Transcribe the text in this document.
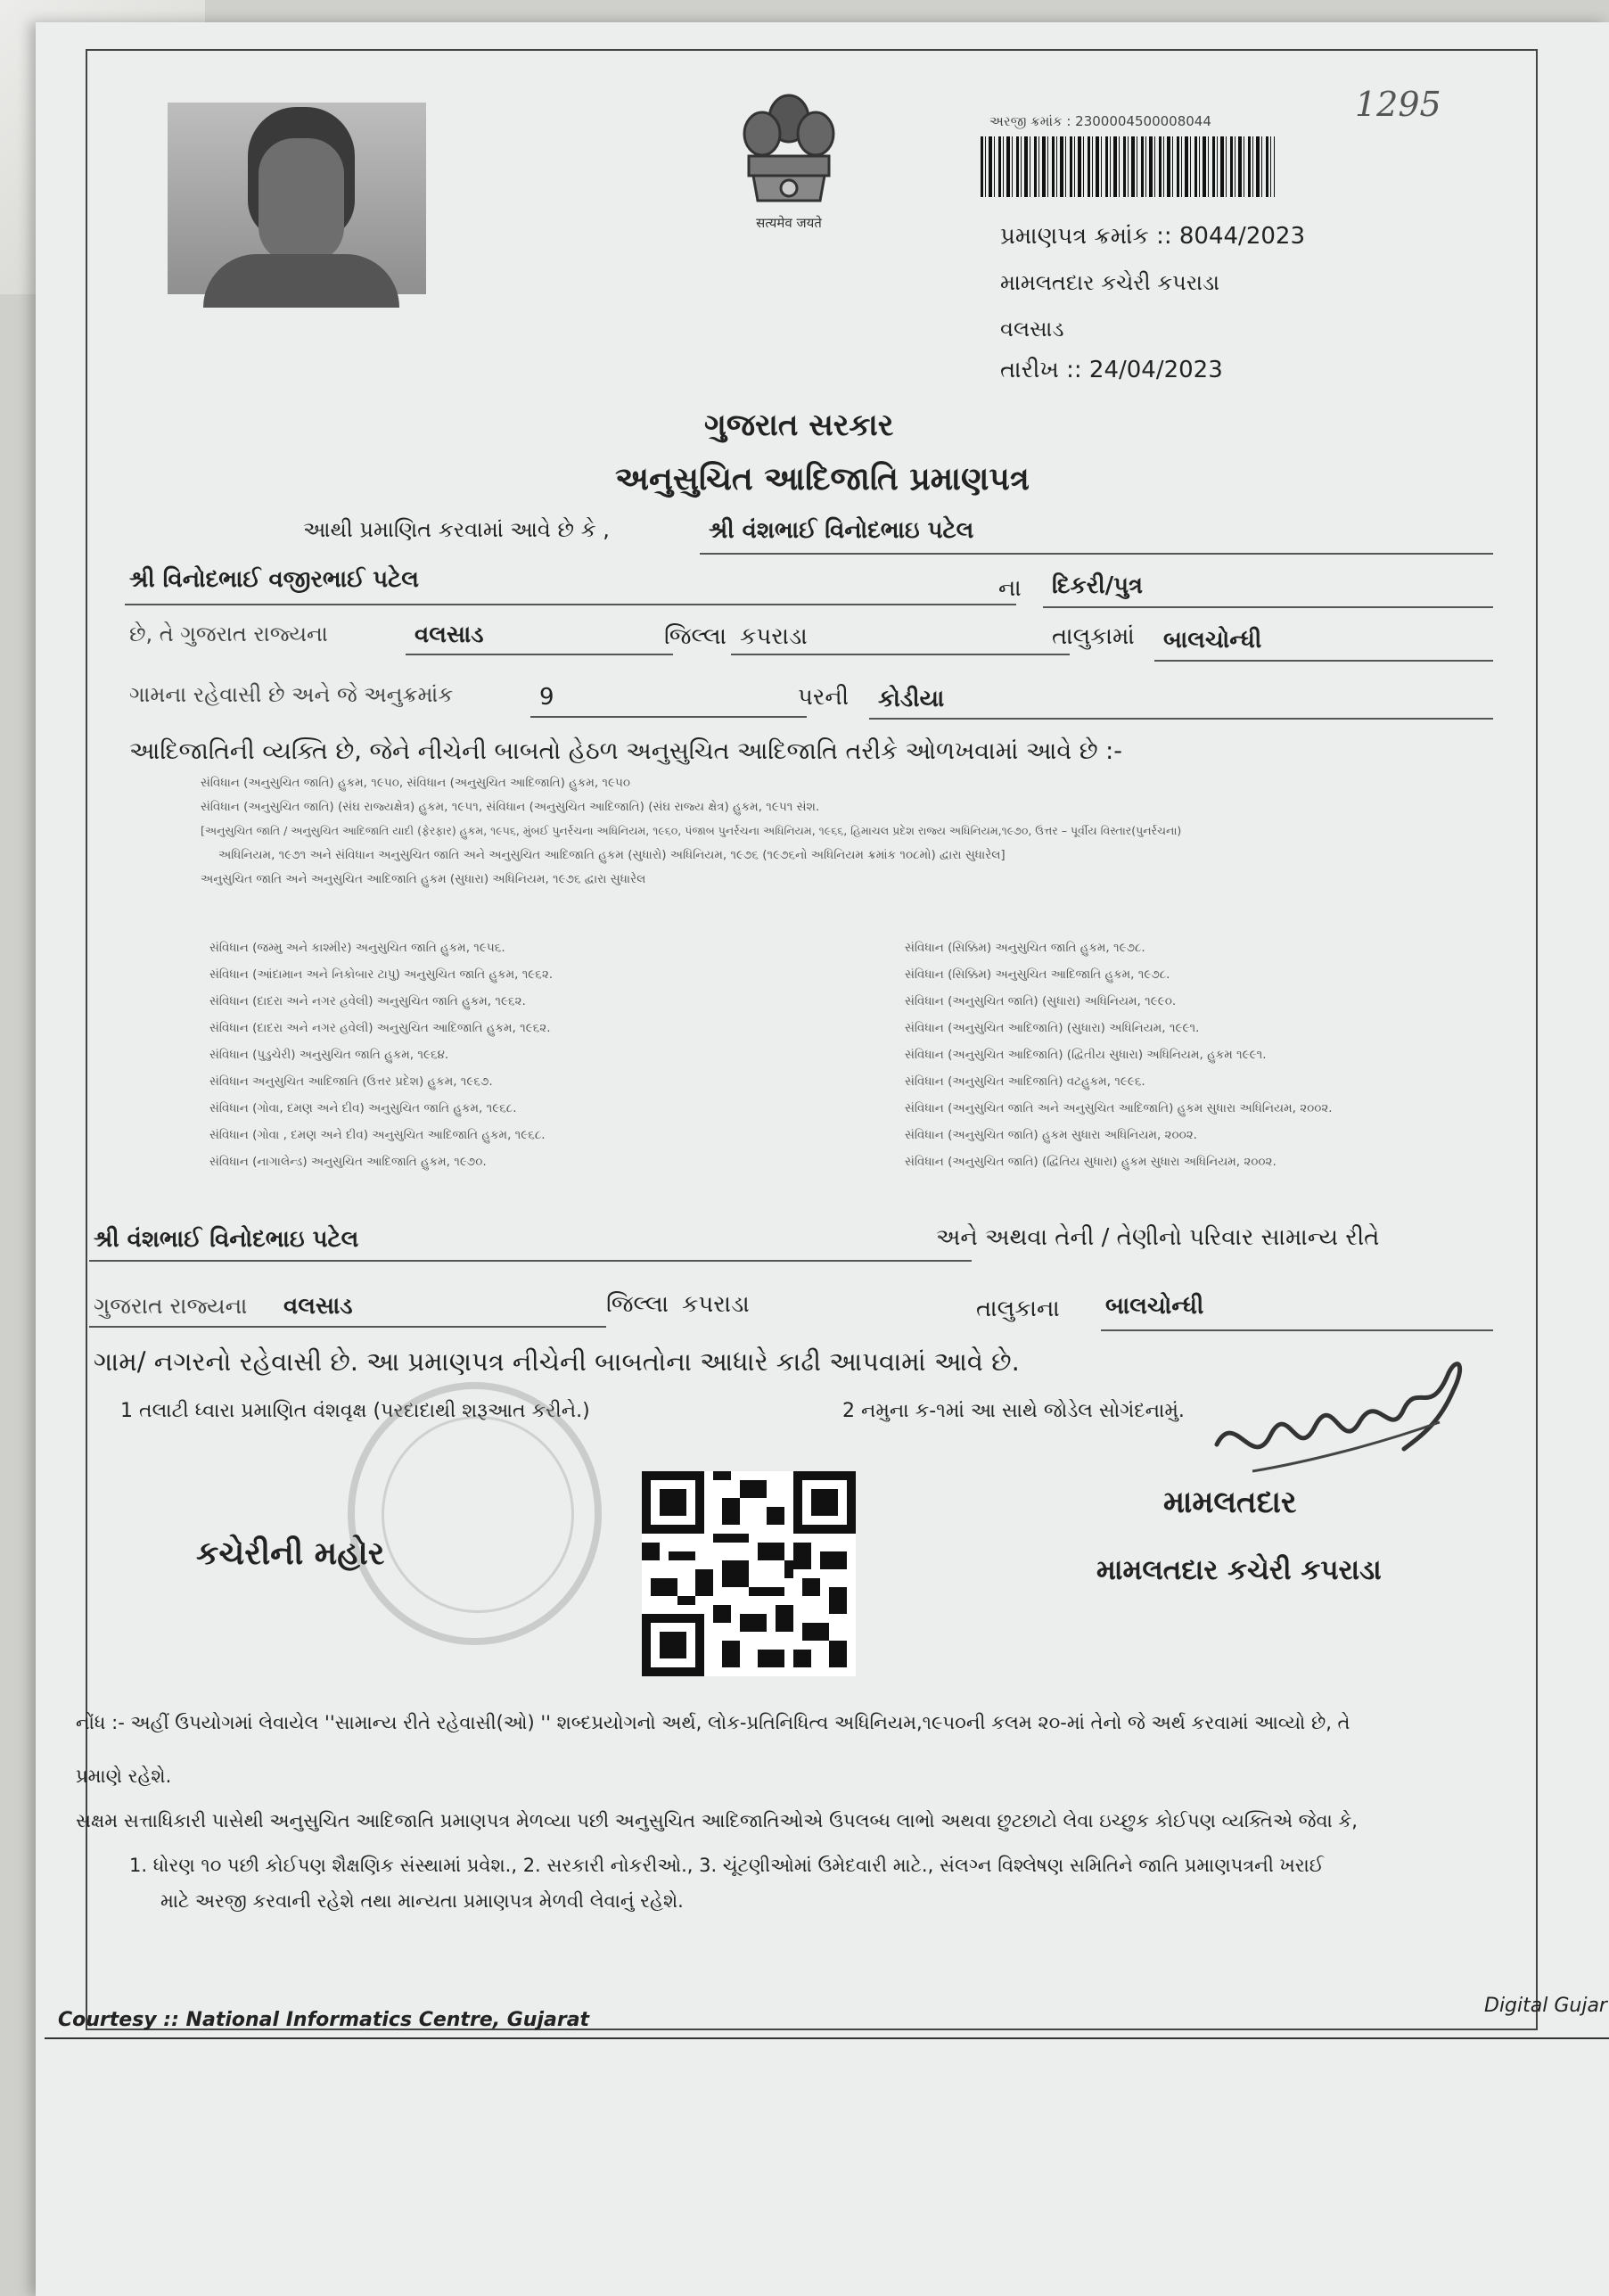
सत्यमेव जयते
અરજી ક્રમાંક : 2300004500008044	1295
પ્રમાણપત્ર ક્રમાંક :: 8044/2023
મામલતદાર કચેરી કપરાડા
વલસાડ
તારીખ :: 24/04/2023
ગુજરાત સરકાર
અનુસુચિત આદિજાતિ પ્રમાણપત્ર
આથી પ્રમાણિત કરવામાં આવે છે કે ,	શ્રી વંશભાઈ વિનોદભાઇ પટેલ
શ્રી વિનોદભાઈ વજીરભાઈ પટેલ	ના દિકરી/પુત્ર
છે, તે ગુજરાત રાજ્યના	વલસાડ	જિલ્લા કપરાડા	તાલુકામાં બાલચોન્ધી
ગામના રહેવાસી છે અને જે અનુક્રમાંક	9	પરની કોડીયા
આદિજાતિની વ્યક્તિ છે, જેને નીચેની બાબતો હેઠળ અનુસુચિત આદિજાતિ તરીકે ઓળખવામાં આવે છે :-
સંવિધાન (અનુસુચિત જાતિ) હુકમ, ૧૯૫૦, સંવિધાન (અનુસુચિત આદિજાતિ) હુકમ, ૧૯૫૦
સંવિધાન (અનુસુચિત જાતિ) (સંઘ રાજ્યક્ષેત્ર) હુકમ, ૧૯૫૧, સંવિધાન (અનુસુચિત આદિજાતિ) (સંઘ રાજ્ય ક્ષેત્ર) હુકમ, ૧૯૫૧ સંશ.
[અનુસુચિત જાતિ / અનુસુચિત આદિજાતિ યાદી (ફેરફાર) હુકમ, ૧૯૫૬, મુંબઈ પુનર્રચના અધિનિયમ, ૧૯૬૦, પંજાબ પુનર્રચના અધિનિયમ, ૧૯૬૬, હિમાચલ પ્રદેશ રાજ્ય અધિનિયમ,૧૯૭૦, ઉત્તર – પૂર્વીય વિસ્તાર(પુનર્રચના)
અધિનિયમ, ૧૯૭૧ અને સંવિધાન અનુસુચિત જાતિ અને અનુસુચિત આદિજાતિ હુકમ (સુધારો) અધિનિયમ, ૧૯૭૬ (૧૯૭૬નો અધિનિયમ ક્રમાંક ૧૦૮મો) દ્વારા સુધારેલ]
અનુસુચિત જાતિ અને અનુસુચિત આદિજાતિ હુકમ (સુધારા) અધિનિયમ, ૧૯૭૬ દ્વારા સુધારેલ
સંવિધાન (જમ્મુ અને કાશ્મીર) અનુસુચિત જાતિ હુકમ, ૧૯૫૬.
સંવિધાન (આંદામાન અને નિકોબાર ટાપુ) અનુસુચિત જાતિ હુકમ, ૧૯૬૨.
સંવિધાન (દાદરા અને નગર હવેલી) અનુસુચિત જાતિ હુકમ, ૧૯૬૨.
સંવિધાન (દાદરા અને નગર હવેલી) અનુસુચિત આદિજાતિ હુકમ, ૧૯૬૨.
સંવિધાન (પુડુચેરી) અનુસુચિત જાતિ હુકમ, ૧૯૬૪.
સંવિધાન અનુસુચિત આદિજાતિ (ઉત્તર પ્રદેશ) હુકમ, ૧૯૬૭.
સંવિધાન (ગોવા, દમણ અને દીવ) અનુસુચિત જાતિ હુકમ, ૧૯૬૮.
સંવિધાન (ગોવા , દમણ અને દીવ) અનુસુચિત આદિજાતિ હુકમ, ૧૯૬૮.
સંવિધાન (નાગાલેન્ડ) અનુસુચિત આદિજાતિ હુકમ, ૧૯૭૦.
સંવિધાન (સિક્કિમ) અનુસુચિત જાતિ હુકમ, ૧૯૭૮.
સંવિધાન (સિક્કિમ) અનુસુચિત આદિજાતિ હુકમ, ૧૯૭૮.
સંવિધાન (અનુસુચિત જાતિ) (સુધારા) અધિનિયમ, ૧૯૯૦.
સંવિધાન (અનુસુચિત આદિજાતિ) (સુધારા) અધિનિયમ, ૧૯૯૧.
સંવિધાન (અનુસુચિત આદિજાતિ) (દ્વિતીય સુધારા) અધિનિયમ, હુકમ ૧૯૯૧.
સંવિધાન (અનુસુચિત આદિજાતિ) વટહુકમ, ૧૯૯૬.
સંવિધાન (અનુસુચિત જાતિ અને અનુસુચિત આદિજાતિ) હુકમ સુધારા અધિનિયમ, ૨૦૦૨.
સંવિધાન (અનુસુચિત જાતિ) હુકમ સુધારા અધિનિયમ, ૨૦૦૨.
સંવિધાન (અનુસુચિત જાતિ) (દ્વિતિય સુધારા) હુકમ સુધારા અધિનિયમ, ૨૦૦૨.
શ્રી વંશભાઈ વિનોદભાઇ પટેલ	અને અથવા તેની / તેણીનો પરિવાર સામાન્ય રીતે
ગુજરાત રાજ્યના વલસાડ	જિલ્લા કપરાડા	તાલુકાના બાલચોન્ધી
ગામ/ નગરનો રહેવાસી છે. આ પ્રમાણપત્ર નીચેની બાબતોના આધારે કાઢી આપવામાં આવે છે.
1 તલાટી ધ્વારા પ્રમાણિત વંશવૃક્ષ (પરદાદાથી શરૂઆત કરીને.)	2 નમુના ક-૧માં આ સાથે જોડેલ સોગંદનામું.
કચેરીની મહોર
મામલતદાર
મામલતદાર કચેરી કપરાડા
નોંધ :- અહીં ઉપયોગમાં લેવાયેલ ''સામાન્ય રીતે રહેવાસી(ઓ) '' શબ્દપ્રયોગનો અર્થ, લોક-પ્રતિનિધિત્વ અધિનિયમ,૧૯૫૦ની કલમ ૨૦-માં તેનો જે અર્થ કરવામાં આવ્યો છે, તે
પ્રમાણે રહેશે.
સક્ષમ સત્તાધિકારી પાસેથી અનુસુચિત આદિજાતિ પ્રમાણપત્ર મેળવ્યા પછી અનુસુચિત આદિજાતિઓએ ઉપલબ્ધ લાભો અથવા છુટછાટો લેવા ઇચ્છુક કોઈપણ વ્યક્તિએ જેવા કે,
1. ધોરણ ૧૦ પછી કોઈપણ શૈક્ષણિક સંસ્થામાં પ્રવેશ., 2. સરકારી નોકરીઓ., 3. ચૂંટણીઓમાં ઉમેદવારી માટે., સંલગ્ન વિશ્લેષણ સમિતિને જાતિ પ્રમાણપત્રની ખરાઈ
માટે અરજી કરવાની રહેશે તથા માન્યતા પ્રમાણપત્ર મેળવી લેવાનું રહેશે.
Courtesy :: National Informatics Centre, Gujarat
Digital Gujar
